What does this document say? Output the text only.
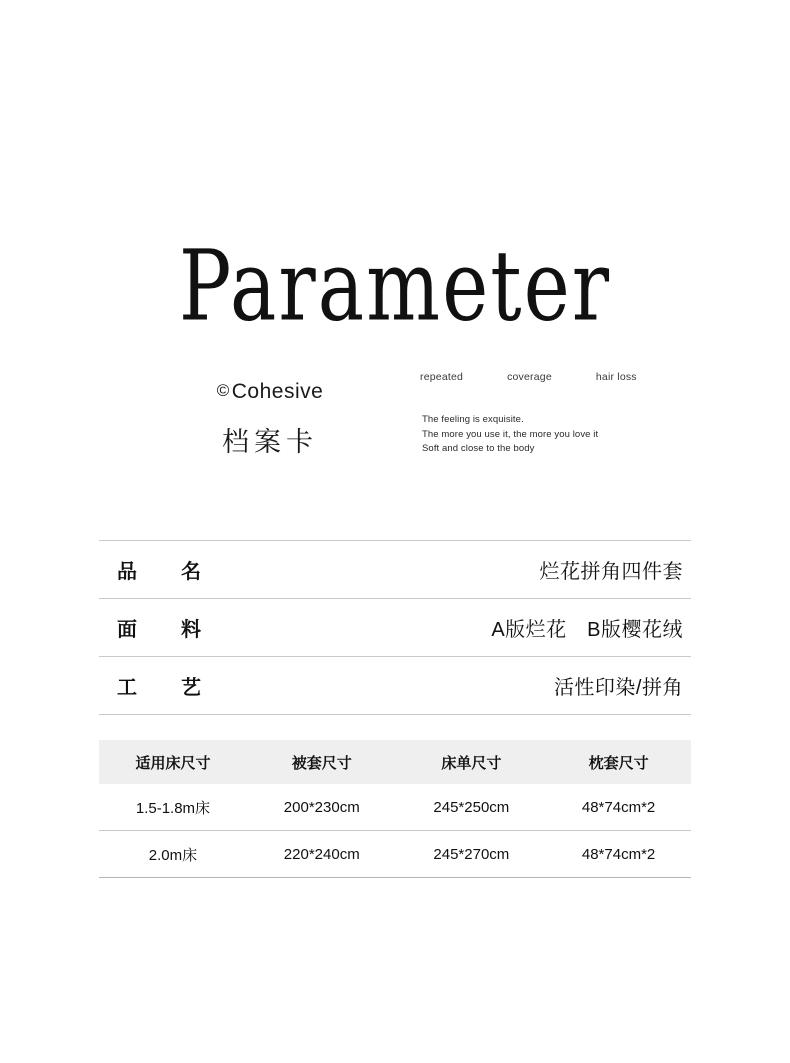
Parameter
©Cohesive
档案卡
repeated	coverage	hair loss
The feeling is exquisite.
The more you use it, the more you love it
Soft and close to the body
品　名	烂花拼角四件套
面　料	A版烂花　B版樱花绒
工　艺	活性印染/拼角
适用床尺寸	被套尺寸	床单尺寸	枕套尺寸
1.5-1.8m床	200*230cm	245*250cm	48*74cm*2
2.0m床	220*240cm	245*270cm	48*74cm*2
